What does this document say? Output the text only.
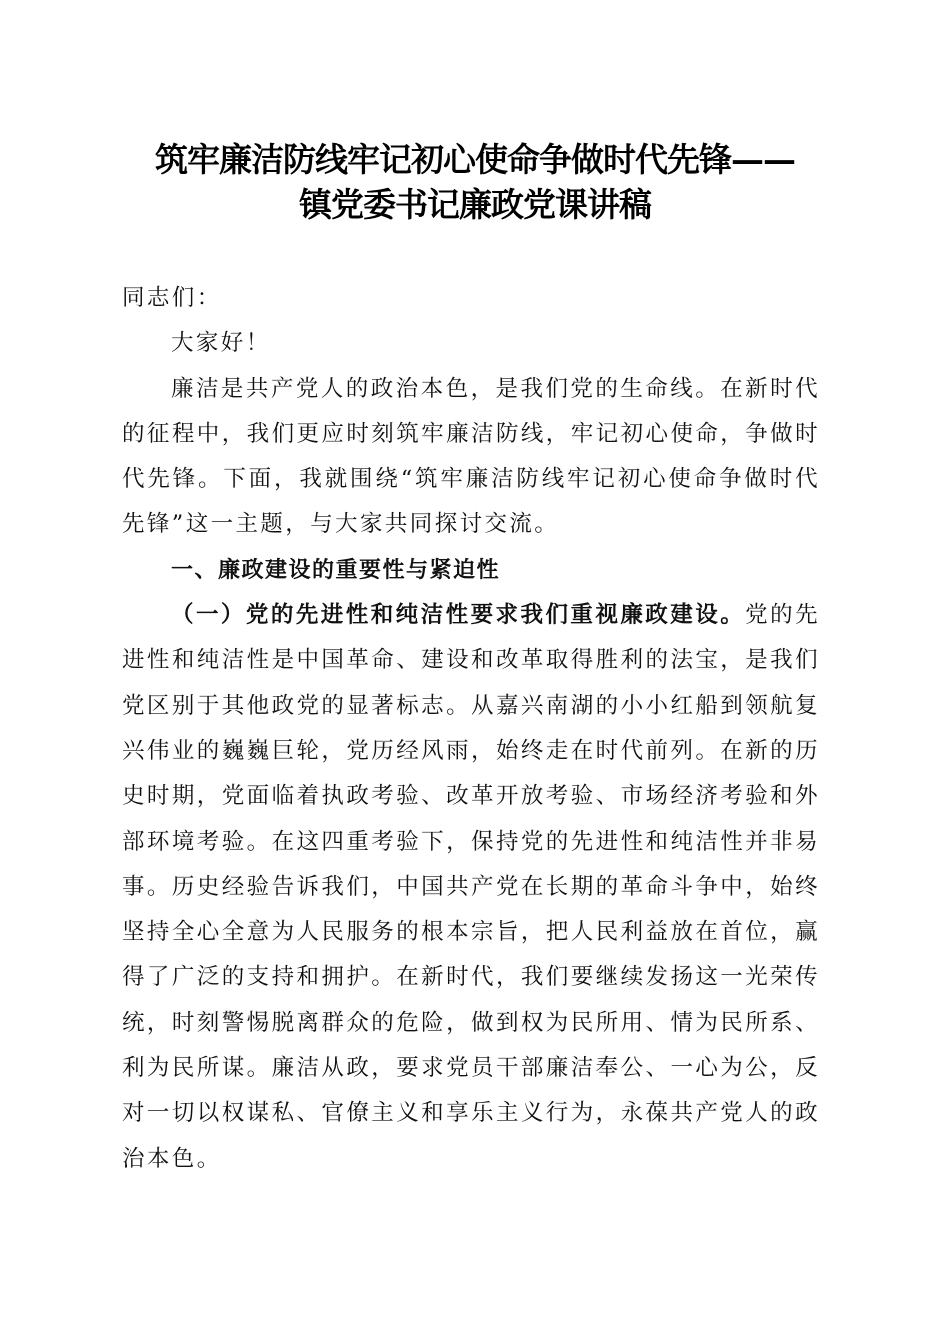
筑牢廉洁防线牢记初心使命争做时代先锋——
镇党委书记廉政党课讲稿

同志们：

大家好！

廉洁是共产党人的政治本色，是我们党的生命线。在新时代的征程中，我们更应时刻筑牢廉洁防线，牢记初心使命，争做时代先锋。下面，我就围绕“筑牢廉洁防线牢记初心使命争做时代先锋”这一主题，与大家共同探讨交流。

一、廉政建设的重要性与紧迫性

（一）党的先进性和纯洁性要求我们重视廉政建设。党的先进性和纯洁性是中国革命、建设和改革取得胜利的法宝，是我们党区别于其他政党的显著标志。从嘉兴南湖的小小红船到领航复兴伟业的巍巍巨轮，党历经风雨，始终走在时代前列。在新的历史时期，党面临着执政考验、改革开放考验、市场经济考验和外部环境考验。在这四重考验下，保持党的先进性和纯洁性并非易事。历史经验告诉我们，中国共产党在长期的革命斗争中，始终坚持全心全意为人民服务的根本宗旨，把人民利益放在首位，赢得了广泛的支持和拥护。在新时代，我们要继续发扬这一光荣传统，时刻警惕脱离群众的危险，做到权为民所用、情为民所系、利为民所谋。廉洁从政，要求党员干部廉洁奉公、一心为公，反对一切以权谋私、官僚主义和享乐主义行为，永葆共产党人的政治本色。
